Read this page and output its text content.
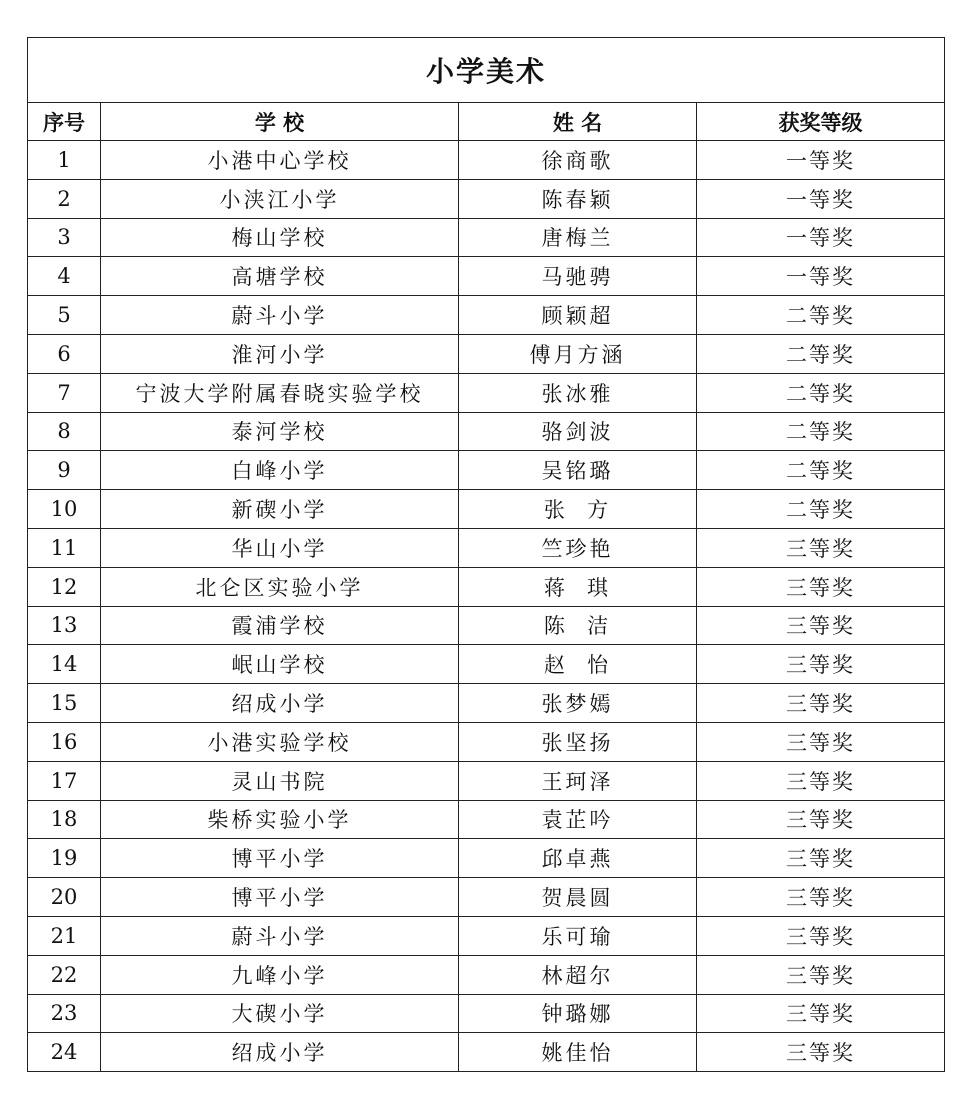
小学美术			
序号	学 校	姓 名	获奖等级
1	小港中心学校	徐商歌	一等奖
2	小浃江小学	陈春颖	一等奖
3	梅山学校	唐梅兰	一等奖
4	高塘学校	马驰骋	一等奖
5	蔚斗小学	顾颖超	二等奖
6	淮河小学	傅月方涵	二等奖
7	宁波大学附属春晓实验学校	张冰雅	二等奖
8	泰河学校	骆剑波	二等奖
9	白峰小学	吴铭璐	二等奖
10	新碶小学	张  方	二等奖
11	华山小学	竺珍艳	三等奖
12	北仑区实验小学	蒋  琪	三等奖
13	霞浦学校	陈  洁	三等奖
14	岷山学校	赵  怡	三等奖
15	绍成小学	张梦嫣	三等奖
16	小港实验学校	张坚扬	三等奖
17	灵山书院	王珂泽	三等奖
18	柴桥实验小学	袁芷吟	三等奖
19	博平小学	邱卓燕	三等奖
20	博平小学	贺晨圆	三等奖
21	蔚斗小学	乐可瑜	三等奖
22	九峰小学	林超尔	三等奖
23	大碶小学	钟璐娜	三等奖
24	绍成小学	姚佳怡	三等奖
